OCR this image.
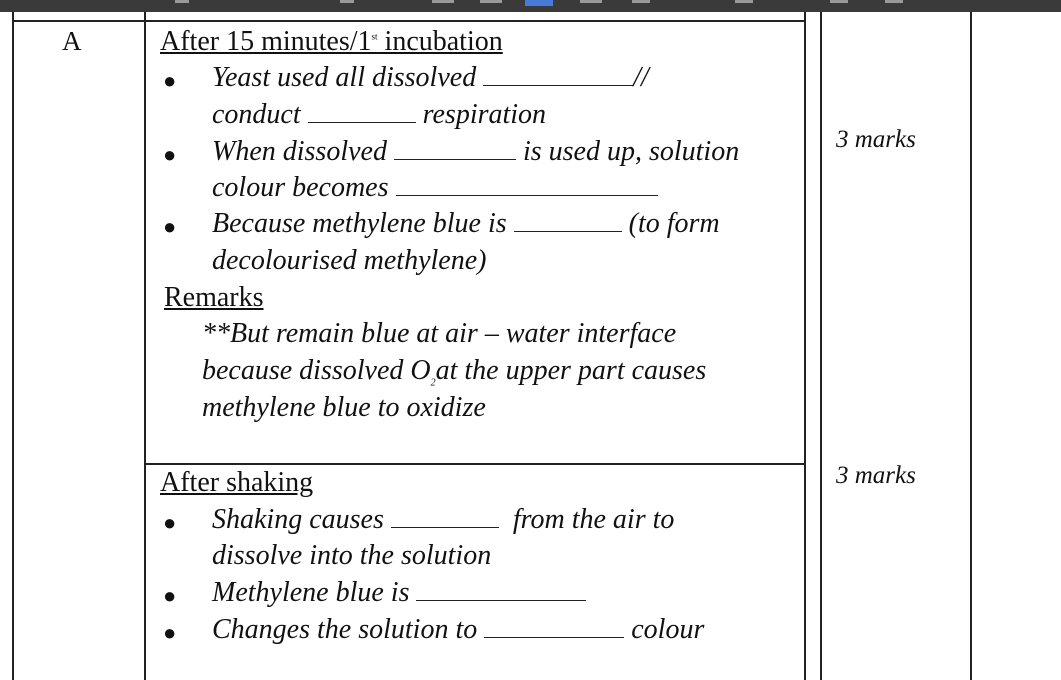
A	After 15 minutes/1st incubation
● Yeast used all dissolved	//
conduct	respiration
● When dissolved	is used up, solution
colour becomes
● Because methylene blue is	(to form
decolourised methylene)
Remarks
**But remain blue at air – water interface
because dissolved $O_2at$ the upper part causes
methylene blue to oxidize
3 marks
After shaking
● Shaking causes	from the air to
dissolve into the solution
● Methylene blue is
● Changes the solution to	colour
3 marks
